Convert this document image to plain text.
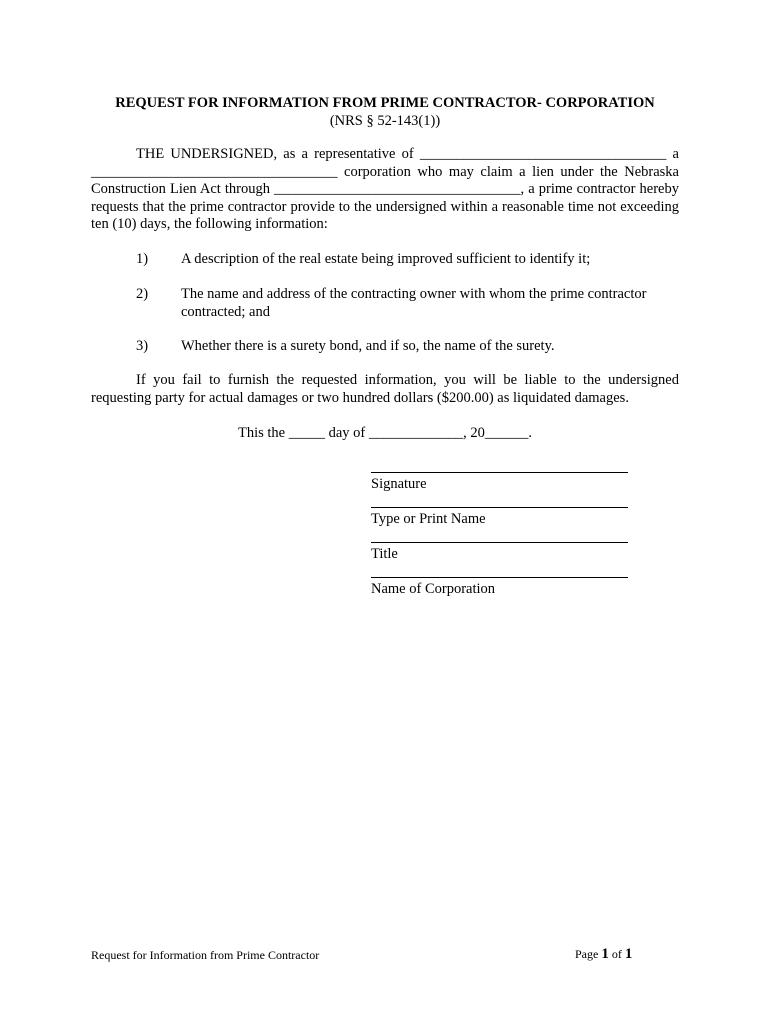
REQUEST FOR INFORMATION FROM PRIME CONTRACTOR- CORPORATION
(NRS § 52-143(1))
THE UNDERSIGNED, as a representative of __________________________________ a __________________________________ corporation who may claim a lien under the Nebraska Construction Lien Act through __________________________________, a prime contractor hereby requests that the prime contractor provide to the undersigned within a reasonable time not exceeding ten (10) days, the following information:
1) A description of the real estate being improved sufficient to identify it;
2) The name and address of the contracting owner with whom the prime contractor contracted; and
3) Whether there is a surety bond, and if so, the name of the surety.
If you fail to furnish the requested information, you will be liable to the undersigned requesting party for actual damages or two hundred dollars ($200.00) as liquidated damages.
This the _____ day of _____________, 20______.
Signature
Type or Print Name
Title
Name of Corporation
Request for Information from Prime Contractor	Page 1 of 1
